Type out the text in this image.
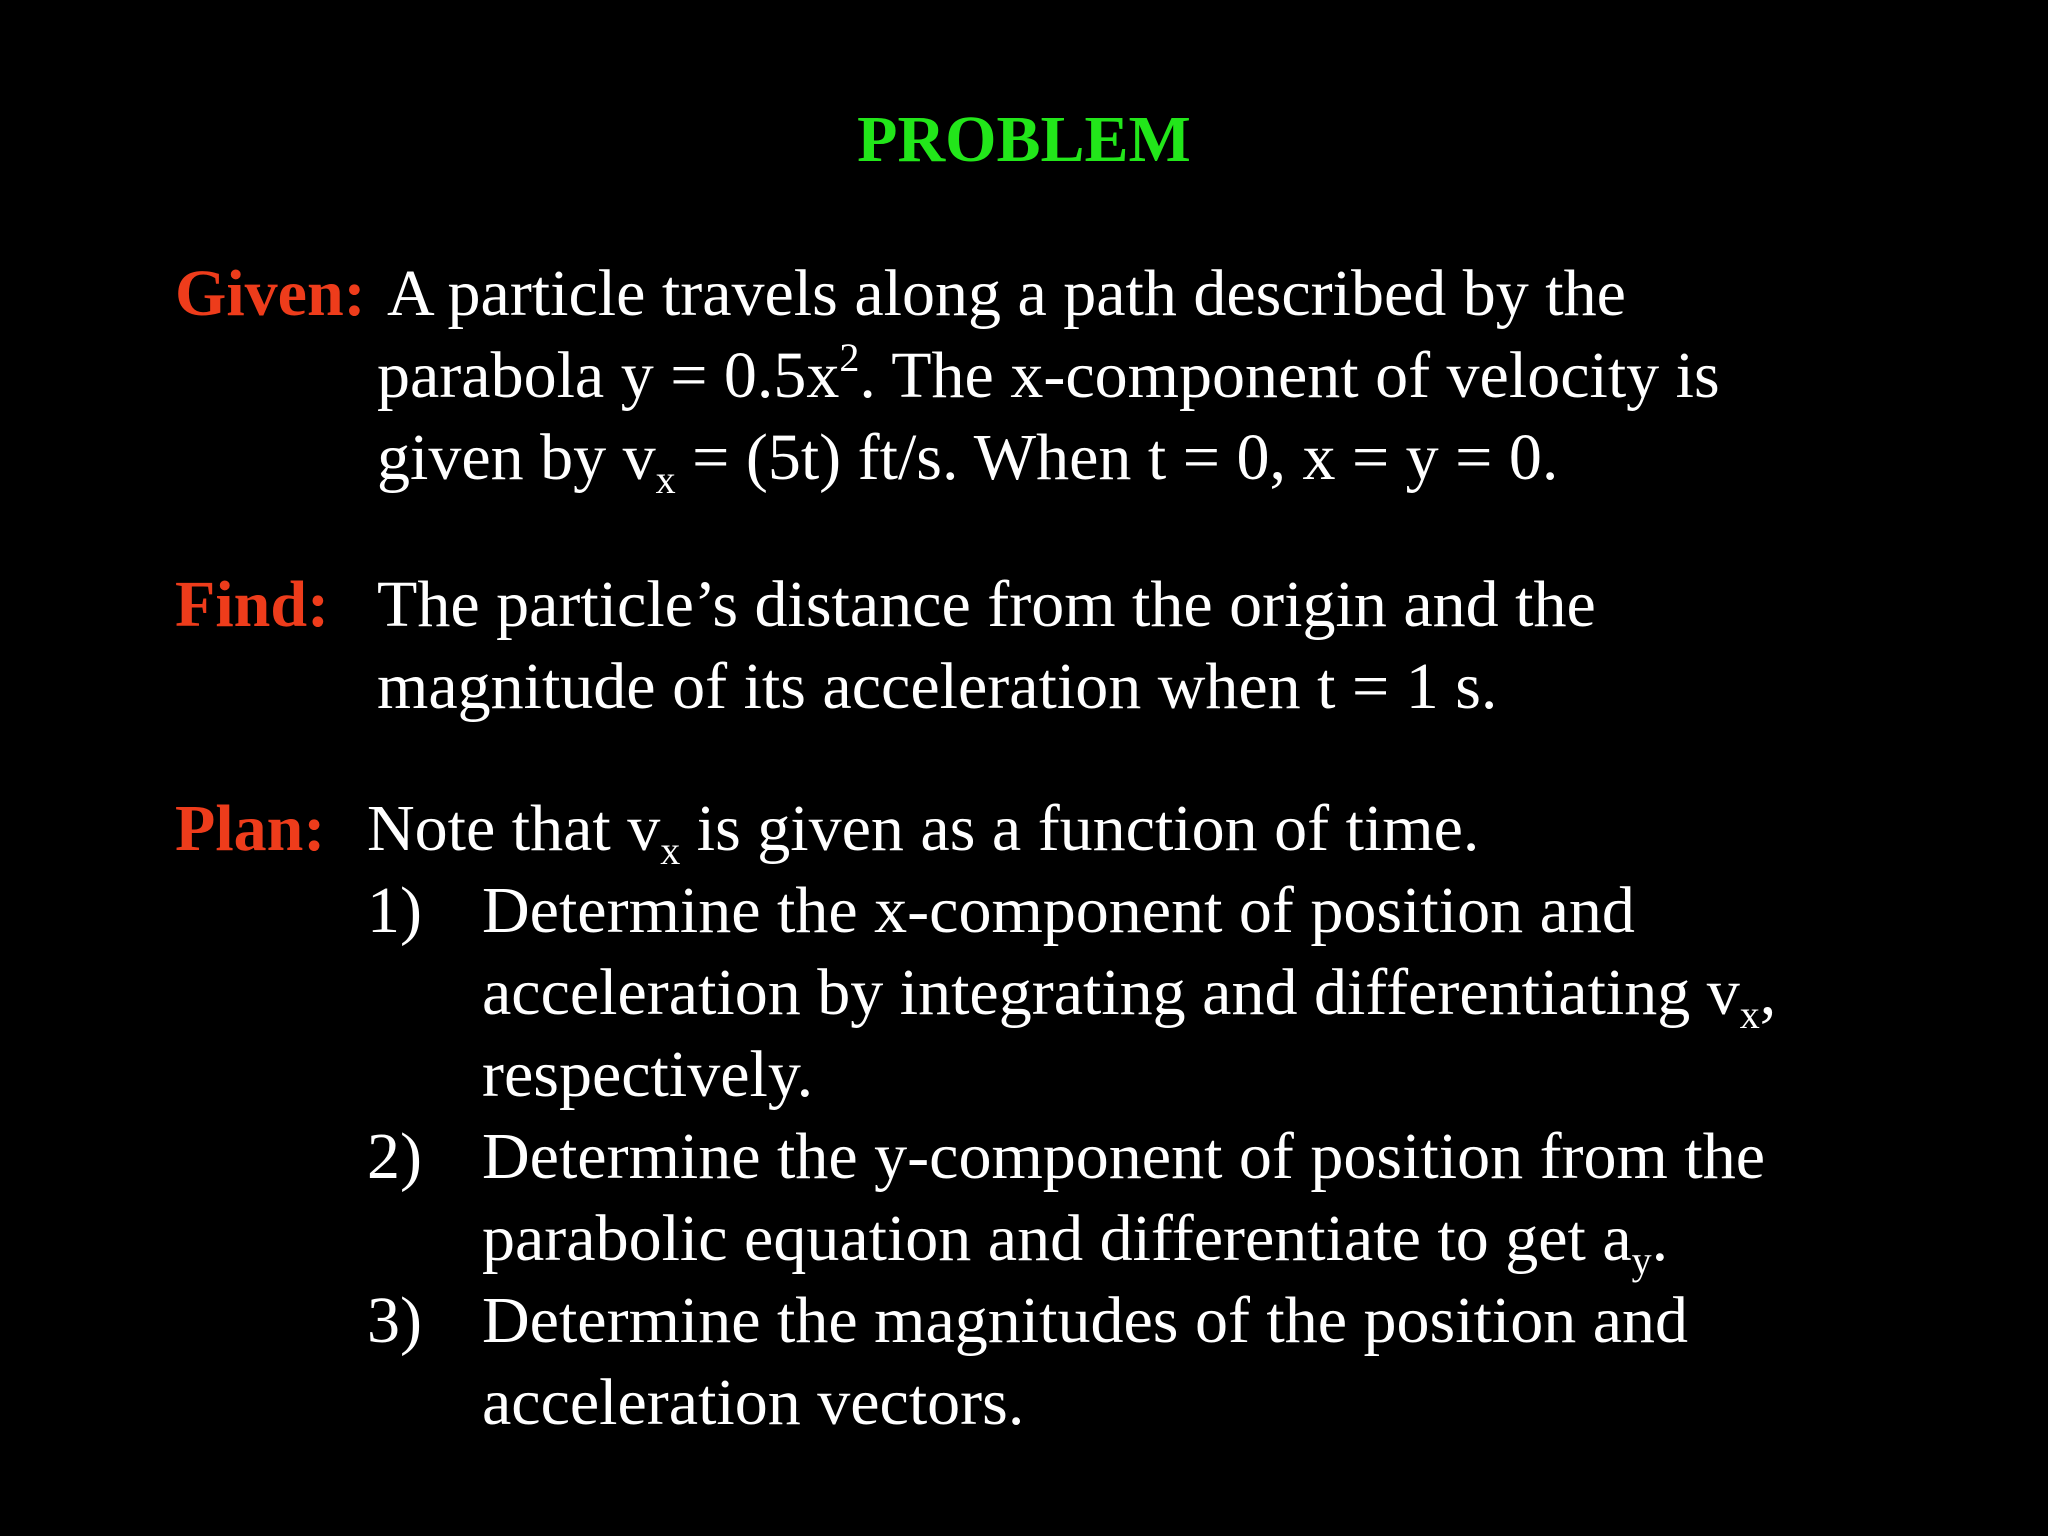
PROBLEM
Given: A particle travels along a path described by the
parabola $y = 0.5x^2$. The x-component of velocity is
given by $v_x = (5t)$ ft/s. When t = 0, x = y = 0.
Find: The particle’s distance from the origin and the
magnitude of its acceleration when t = 1 s.
Plan: Note that $v_x$ is given as a function of time.
1) Determine the x-component of position and
acceleration by integrating and differentiating $v_x$,
respectively.
2) Determine the y-component of position from the
parabolic equation and differentiate to get $a_y$.
3) Determine the magnitudes of the position and
acceleration vectors.
